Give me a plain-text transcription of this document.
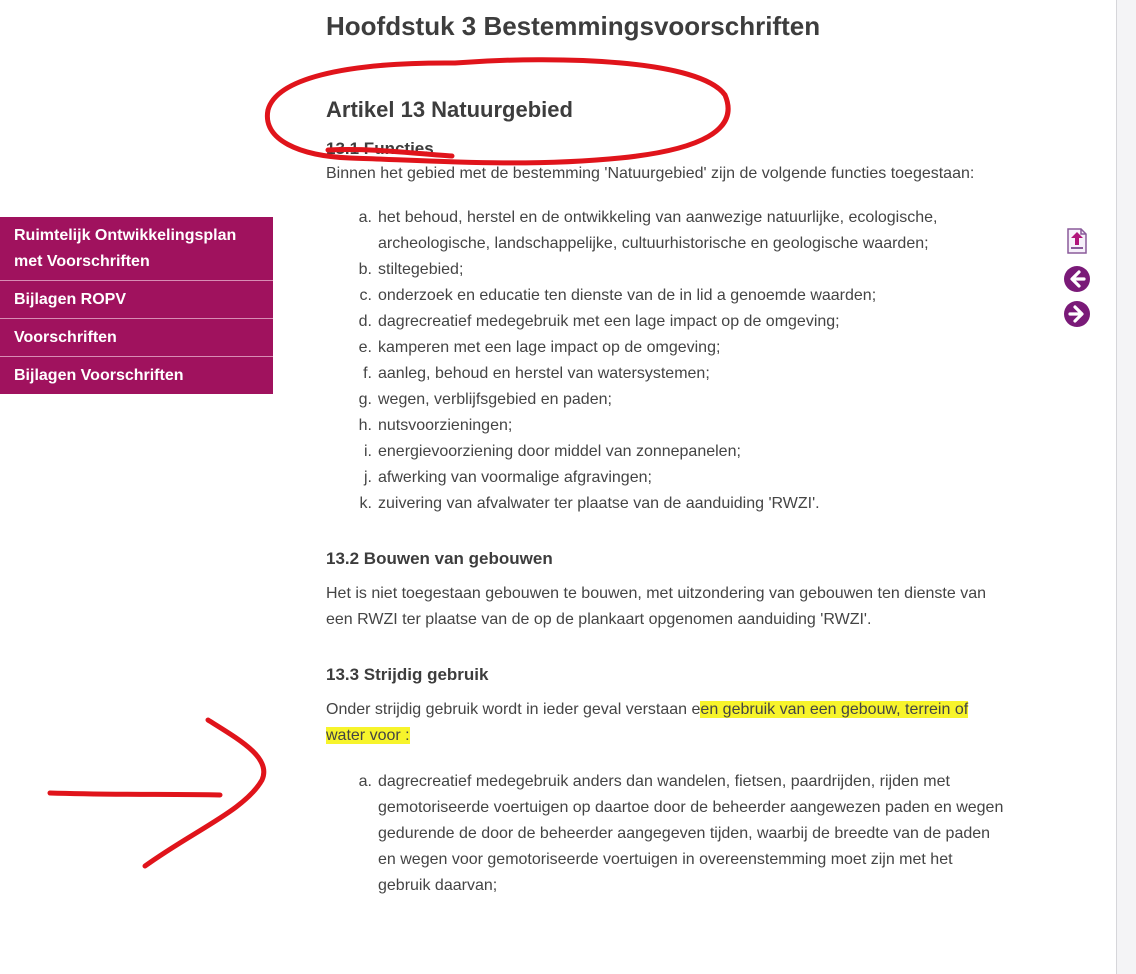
Ruimtelijk Ontwikkelingsplan met Voorschriften
Bijlagen ROPV
Voorschriften
Bijlagen Voorschriften
Hoofdstuk 3 Bestemmingsvoorschriften
Artikel 13 Natuurgebied
13.1 Functies

Binnen het gebied met de bestemming 'Natuurgebied' zijn de volgende functies toegestaan:

a. het behoud, herstel en de ontwikkeling van aanwezige natuurlijke, ecologische, archeologische, landschappelijke, cultuurhistorische en geologische waarden;
b. stiltegebied;
c. onderzoek en educatie ten dienste van de in lid a genoemde waarden;
d. dagrecreatief medegebruik met een lage impact op de omgeving;
e. kamperen met een lage impact op de omgeving;
f. aanleg, behoud en herstel van watersystemen;
g. wegen, verblijfsgebied en paden;
h. nutsvoorzieningen;
i. energievoorziening door middel van zonnepanelen;
j. afwerking van voormalige afgravingen;
k. zuivering van afvalwater ter plaatse van de aanduiding 'RWZI'.
13.2 Bouwen van gebouwen

Het is niet toegestaan gebouwen te bouwen, met uitzondering van gebouwen ten dienste van een RWZI ter plaatse van de op de plankaart opgenomen aanduiding 'RWZI'.

13.3 Strijdig gebruik

Onder strijdig gebruik wordt in ieder geval verstaan een gebruik van een gebouw, terrein of water voor :

a. dagrecreatief medegebruik anders dan wandelen, fietsen, paardrijden, rijden met gemotoriseerde voertuigen op daartoe door de beheerder aangewezen paden en wegen gedurende de door de beheerder aangegeven tijden, waarbij de breedte van de paden en wegen voor gemotoriseerde voertuigen in overeenstemming moet zijn met het gebruik daarvan;
